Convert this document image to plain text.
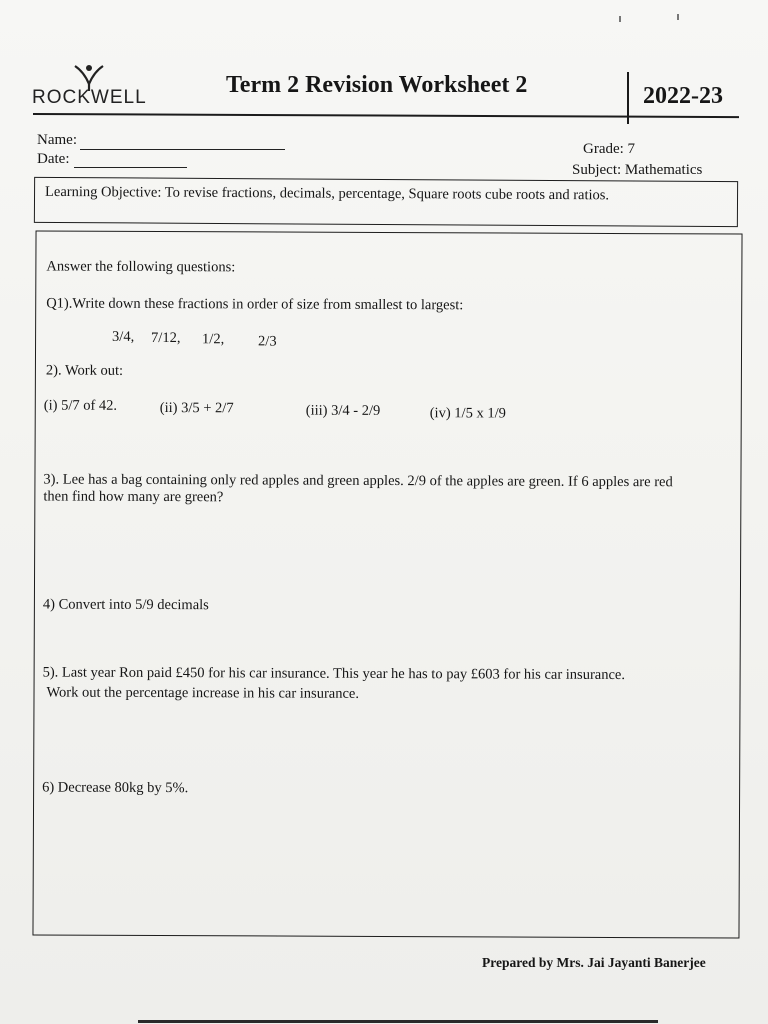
ROCKWELL	Term 2 Revision Worksheet 2	2022-23
Name:
Date:
Grade: 7
Subject: Mathematics
Learning Objective: To revise fractions, decimals, percentage, Square roots cube roots and ratios.
Answer the following questions:
Q1).Write down these fractions in order of size from smallest to largest:
3/4, 7/12, 1/2, 2/3
2). Work out:
(i) 5/7 of 42.	(ii) 3/5 + 2/7	(iii) 3/4 - 2/9	(iv) 1/5 x 1/9
3). Lee has a bag containing only red apples and green apples. 2/9 of the apples are green. If 6 apples are red
then find how many are green?
4) Convert into 5/9 decimals
5). Last year Ron paid £450 for his car insurance. This year he has to pay £603 for his car insurance.
Work out the percentage increase in his car insurance.
6) Decrease 80kg by 5%.
Prepared by Mrs. Jai Jayanti Banerjee
